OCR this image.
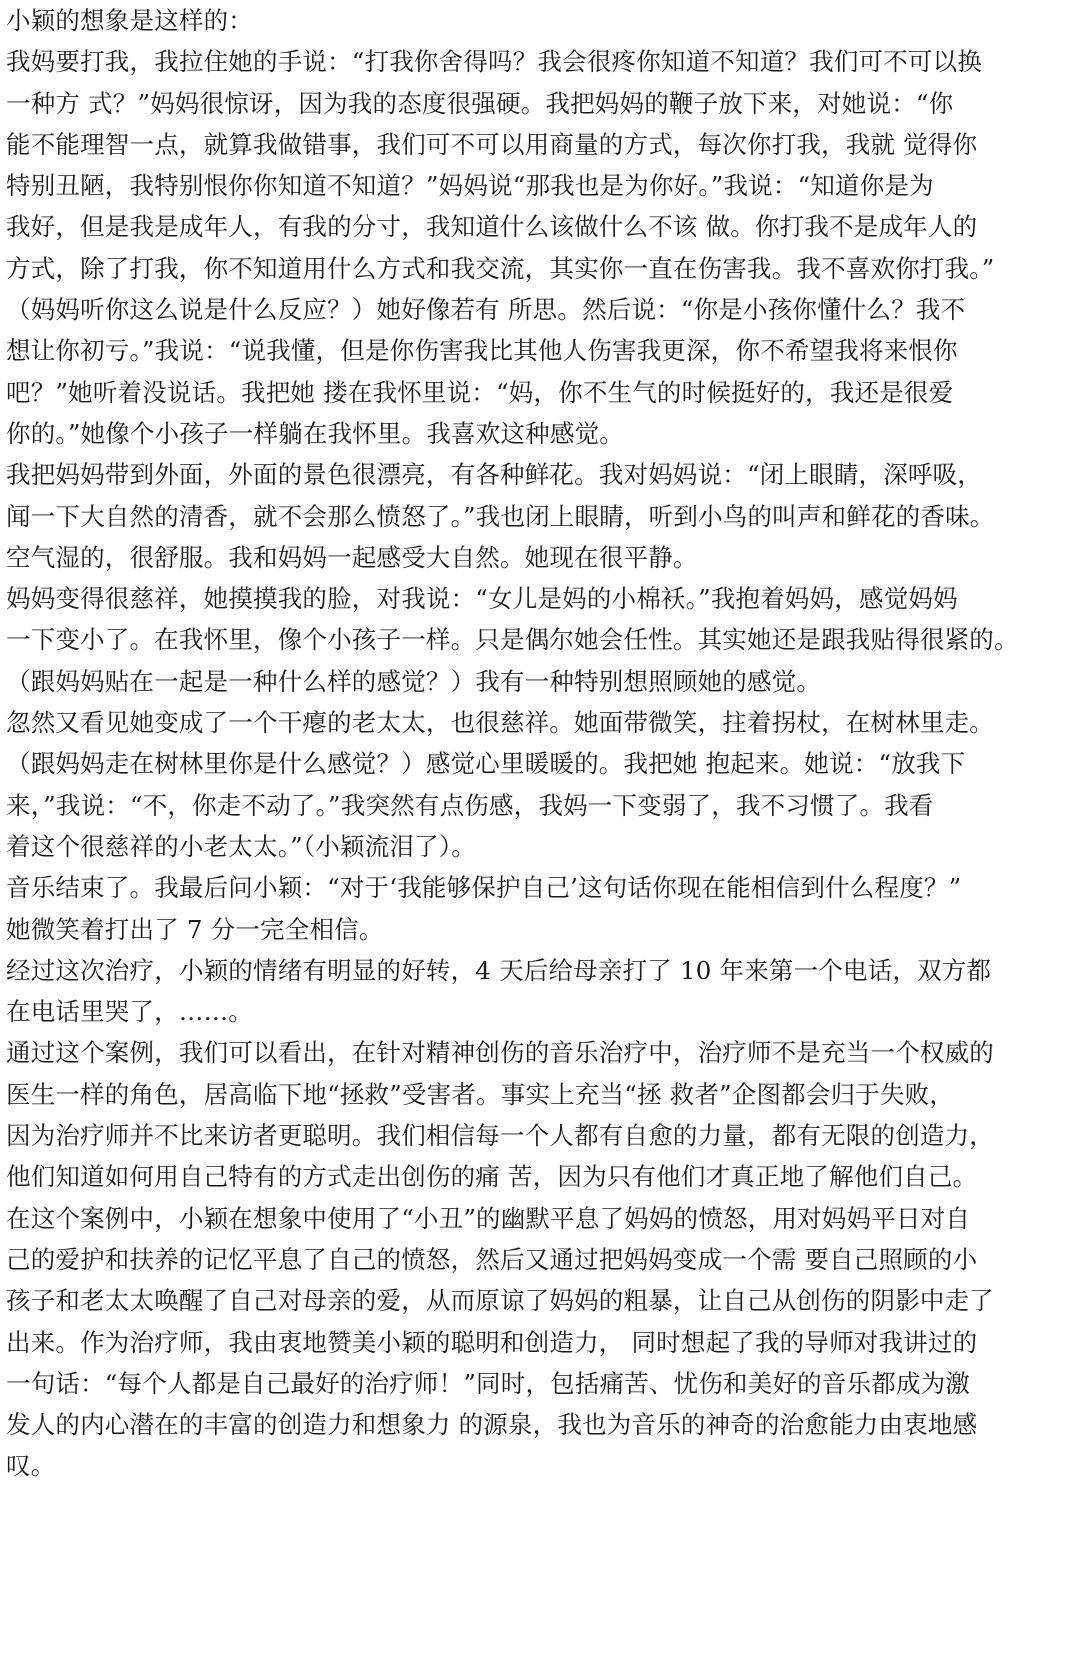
小颖的想象是这样的：
我妈要打我，我拉住她的手说：“打我你舍得吗？我会很疼你知道不知道？我们可不可以换
一种方 式？”妈妈很惊讶，因为我的态度很强硬。我把妈妈的鞭子放下来，对她说：“你
能不能理智一点，就算我做错事，我们可不可以用商量的方式，每次你打我，我就 觉得你
特别丑陋，我特别恨你你知道不知道？”妈妈说“那我也是为你好。”我说：“知道你是为
我好，但是我是成年人，有我的分寸，我知道什么该做什么不该 做。你打我不是成年人的
方式，除了打我，你不知道用什么方式和我交流，其实你一直在伤害我。我不喜欢你打我。”
（妈妈听你这么说是什么反应？）她好像若有 所思。然后说：“你是小孩你懂什么？我不
想让你初亏。”我说：“说我懂，但是你伤害我比其他人伤害我更深，你不希望我将来恨你
吧？”她听着没说话。我把她 搂在我怀里说：“妈，你不生气的时候挺好的，我还是很爱
你的。”她像个小孩子一样躺在我怀里。我喜欢这种感觉。
我把妈妈带到外面，外面的景色很漂亮，有各种鲜花。我对妈妈说：“闭上眼睛，深呼吸，
闻一下大自然的清香，就不会那么愤怒了。”我也闭上眼睛，听到小鸟的叫声和鲜花的香味。
空气湿的，很舒服。我和妈妈一起感受大自然。她现在很平静。
妈妈变得很慈祥，她摸摸我的脸，对我说：“女儿是妈的小棉袄。”我抱着妈妈，感觉妈妈
一下变小了。在我怀里，像个小孩子一样。只是偶尔她会任性。其实她还是跟我贴得很紧的。
（跟妈妈贴在一起是一种什么样的感觉？）我有一种特别想照顾她的感觉。
忽然又看见她变成了一个干瘪的老太太，也很慈祥。她面带微笑，拄着拐杖，在树林里走。
（跟妈妈走在树林里你是什么感觉？）感觉心里暖暖的。我把她 抱起来。她说：“放我下
来，”我说：“不，你走不动了。”我突然有点伤感，我妈一下变弱了，我不习惯了。我看
着这个很慈祥的小老太太。”（小颖流泪了）。
音乐结束了。我最后问小颖：“对于‘我能够保护自己’这句话你现在能相信到什么程度？”
她微笑着打出了 7 分一完全相信。
经过这次治疗，小颖的情绪有明显的好转，4 天后给母亲打了 10 年来第一个电话，双方都
在电话里哭了，……。
通过这个案例，我们可以看出，在针对精神创伤的音乐治疗中，治疗师不是充当一个权威的
医生一样的角色，居高临下地“拯救”受害者。事实上充当“拯 救者”企图都会归于失败，
因为治疗师并不比来访者更聪明。我们相信每一个人都有自愈的力量，都有无限的创造力，
他们知道如何用自己特有的方式走出创伤的痛 苦，因为只有他们才真正地了解他们自己。
在这个案例中，小颖在想象中使用了“小丑”的幽默平息了妈妈的愤怒，用对妈妈平日对自
己的爱护和扶养的记忆平息了自己的愤怒，然后又通过把妈妈变成一个需 要自己照顾的小
孩子和老太太唤醒了自己对母亲的爱，从而原谅了妈妈的粗暴，让自己从创伤的阴影中走了
出来。作为治疗师，我由衷地赞美小颖的聪明和创造力， 同时想起了我的导师对我讲过的
一句话：“每个人都是自己最好的治疗师！”同时，包括痛苦、忧伤和美好的音乐都成为激
发人的内心潜在的丰富的创造力和想象力 的源泉，我也为音乐的神奇的治愈能力由衷地感
叹。
